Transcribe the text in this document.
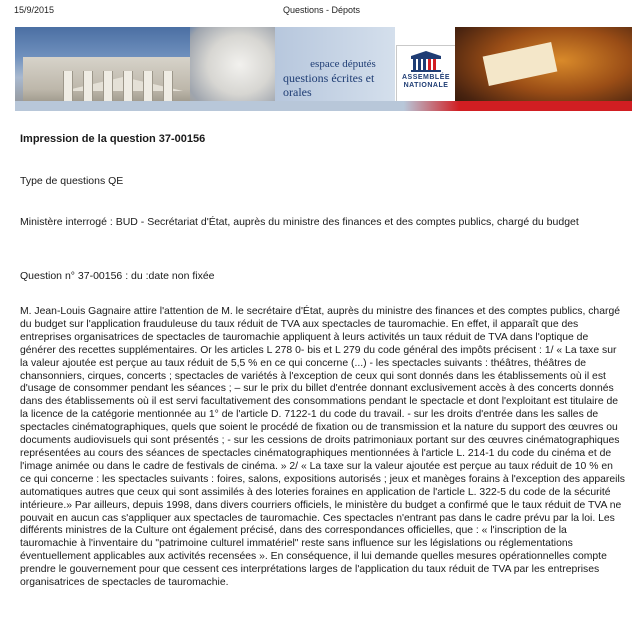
15/9/2015	Questions - Dépots
espace députés
questions écrites et orales
ASSEMBLÉE
NATIONALE
Impression de la question 37-00156
Type de questions QE
Ministère interrogé : BUD - Secrétariat d'État, auprès du ministre des finances et des comptes publics, chargé du budget
Question n° 37-00156 : du :date non fixée
M. Jean-Louis Gagnaire attire l'attention de M. le secrétaire d'État, auprès du ministre des finances et des comptes publics, chargé du budget sur l'application frauduleuse du taux réduit de TVA aux spectacles de tauromachie. En effet, il apparaît que des entreprises organisatrices de spectacles de tauromachie appliquent à leurs activités un taux réduit de TVA dans l'optique de générer des recettes supplémentaires. Or les articles L 278 0- bis et L 279 du code général des impôts précisent : 1/ « La taxe sur la valeur ajoutée est perçue au taux réduit de 5,5 % en ce qui concerne (...) - les spectacles suivants : théâtres, théâtres de chansonniers, cirques, concerts ; spectacles de variétés à l'exception de ceux qui sont donnés dans les établissements où il est d'usage de consommer pendant les séances ; – sur le prix du billet d'entrée donnant exclusivement accès à des concerts donnés dans des établissements où il est servi facultativement des consommations pendant le spectacle et dont l'exploitant est titulaire de la licence de la catégorie mentionnée au 1° de l'article D. 7122-1 du code du travail. - sur les droits d'entrée dans les salles de spectacles cinématographiques, quels que soient le procédé de fixation ou de transmission et la nature du support des œuvres ou documents audiovisuels qui sont présentés ; - sur les cessions de droits patrimoniaux portant sur des œuvres cinématographiques représentées au cours des séances de spectacles cinématographiques mentionnées à l'article L. 214-1 du code du cinéma et de l'image animée ou dans le cadre de festivals de cinéma. » 2/ « La taxe sur la valeur ajoutée est perçue au taux réduit de 10 % en ce qui concerne : les spectacles suivants : foires, salons, expositions autorisés ; jeux et manèges forains à l'exception des appareils automatiques autres que ceux qui sont assimilés à des loteries foraines en application de l'article L. 322-5 du code de la sécurité intérieure.» Par ailleurs, depuis 1998, dans divers courriers officiels, le ministère du budget a confirmé que le taux réduit de TVA ne pouvait en aucun cas s'appliquer aux spectacles de tauromachie. Ces spectacles n'entrant pas dans le cadre prévu par la loi. Les différents ministres de la Culture ont également précisé, dans des correspondances officielles, que : « l'inscription de la tauromachie à l'inventaire du "patrimoine culturel immatériel" reste sans influence sur les législations ou réglementations éventuellement applicables aux activités recensées ». En conséquence, il lui demande quelles mesures opérationnelles compte prendre le gouvernement pour que cessent ces interprétations larges de l'application du taux réduit de TVA par les entreprises organisatrices de spectacles de tauromachie.
